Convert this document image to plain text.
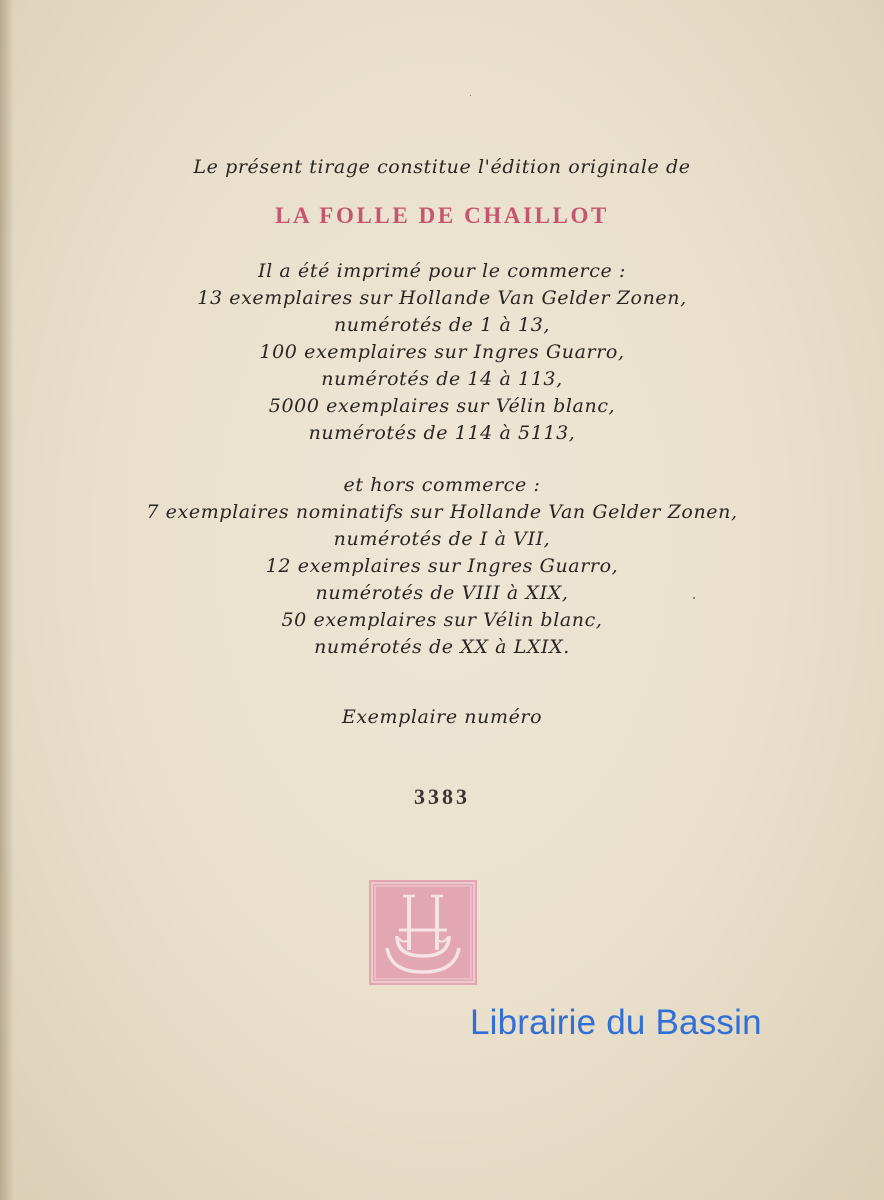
Le présent tirage constitue l'édition originale de
LA FOLLE DE CHAILLOT
Il a été imprimé pour le commerce :
13 exemplaires sur Hollande Van Gelder Zonen,
numérotés de 1 à 13,
100 exemplaires sur Ingres Guarro,
numérotés de 14 à 113,
5000 exemplaires sur Vélin blanc,
numérotés de 114 à 5113,
et hors commerce :
7 exemplaires nominatifs sur Hollande Van Gelder Zonen,
numérotés de I à VII,
12 exemplaires sur Ingres Guarro,
numérotés de VIII à XIX,
50 exemplaires sur Vélin blanc,
numérotés de XX à LXIX.
Exemplaire numéro
3383
Librairie du Bassin
